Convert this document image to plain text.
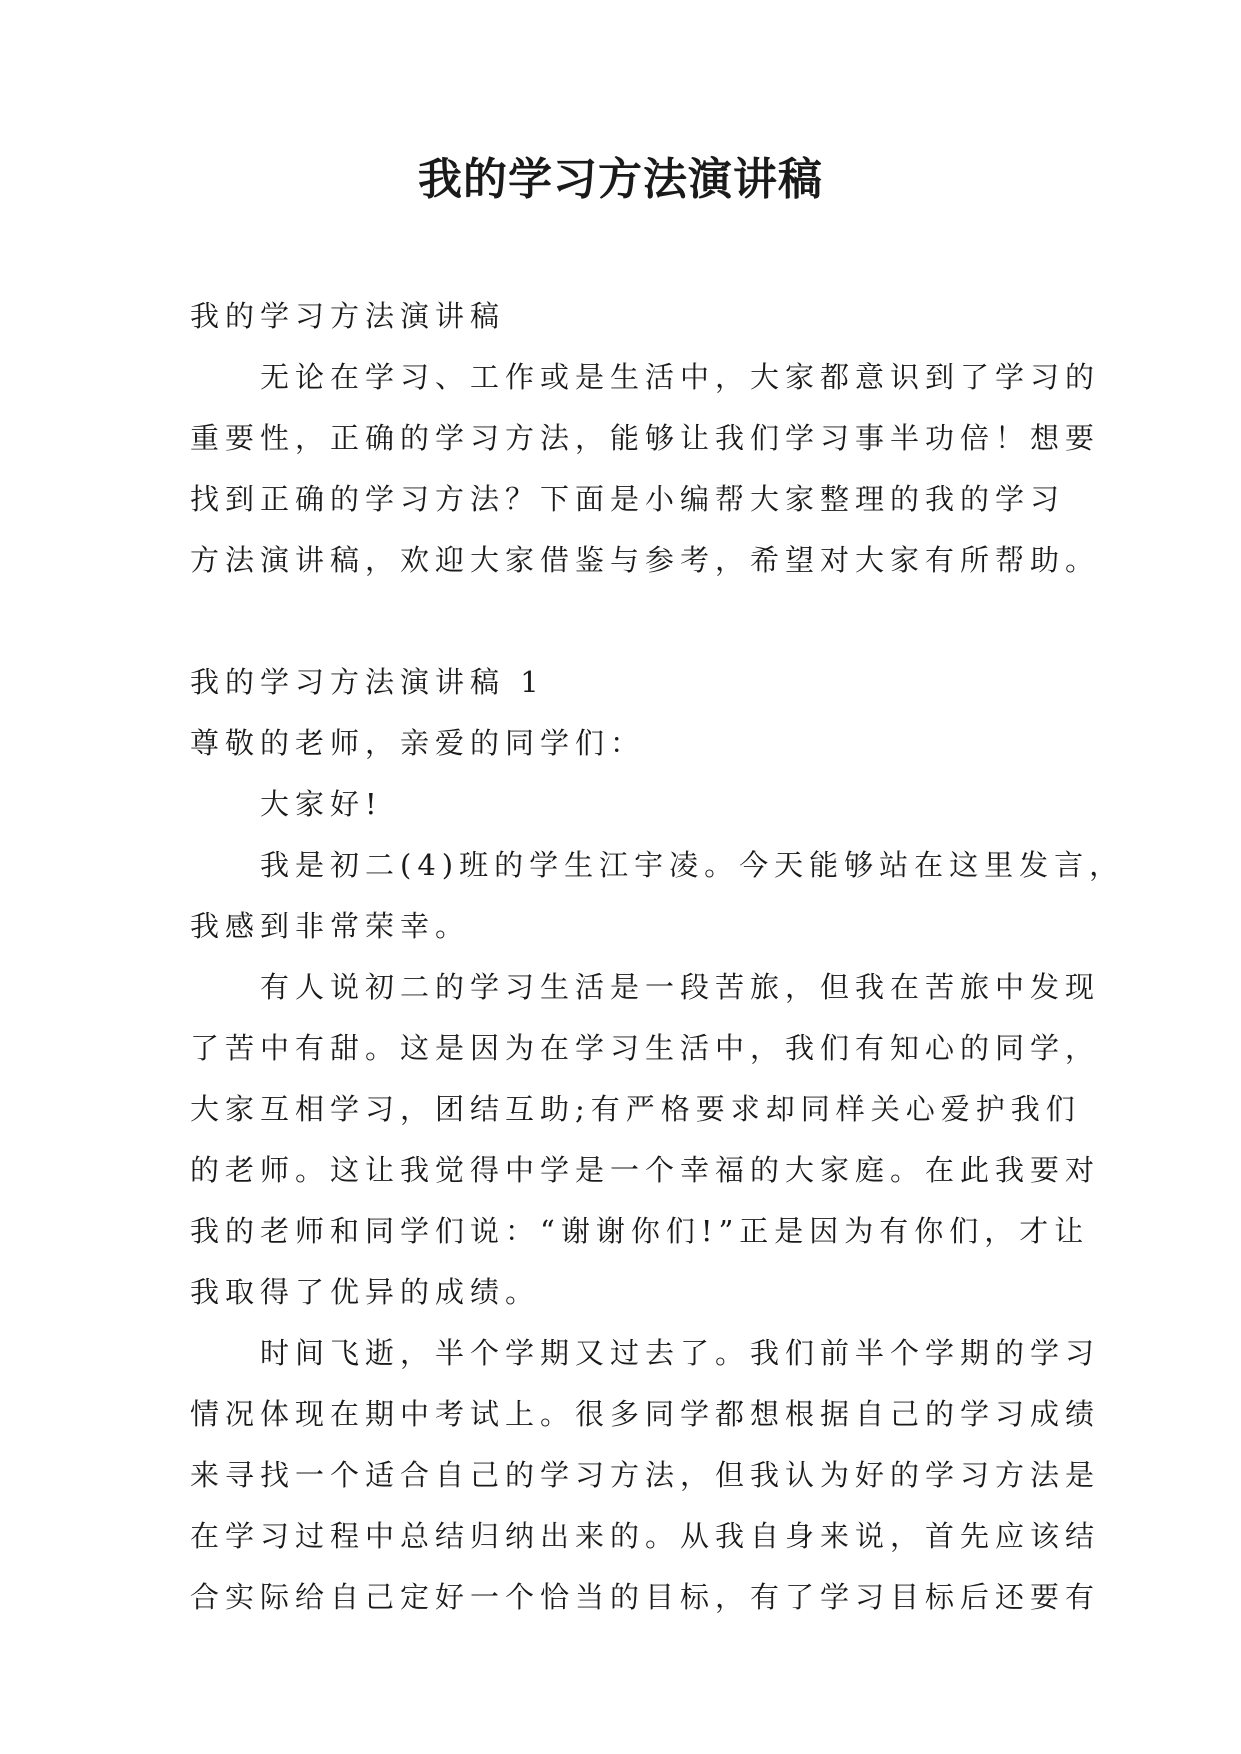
我的学习方法演讲稿
我的学习方法演讲稿
　　无论在学习、工作或是生活中，大家都意识到了学习的
重要性，正确的学习方法，能够让我们学习事半功倍！想要
找到正确的学习方法？下面是小编帮大家整理的我的学习
方法演讲稿，欢迎大家借鉴与参考，希望对大家有所帮助。
我的学习方法演讲稿 1
尊敬的老师，亲爱的同学们：
　　大家好!
　　我是初二(4)班的学生江宇凌。今天能够站在这里发言，
我感到非常荣幸。
　　有人说初二的学习生活是一段苦旅，但我在苦旅中发现
了苦中有甜。这是因为在学习生活中，我们有知心的同学，
大家互相学习，团结互助;有严格要求却同样关心爱护我们
的老师。这让我觉得中学是一个幸福的大家庭。在此我要对
我的老师和同学们说：“谢谢你们!”正是因为有你们，才让
我取得了优异的成绩。
　　时间飞逝，半个学期又过去了。我们前半个学期的学习
情况体现在期中考试上。很多同学都想根据自己的学习成绩
来寻找一个适合自己的学习方法，但我认为好的学习方法是
在学习过程中总结归纳出来的。从我自身来说，首先应该结
合实际给自己定好一个恰当的目标，有了学习目标后还要有
